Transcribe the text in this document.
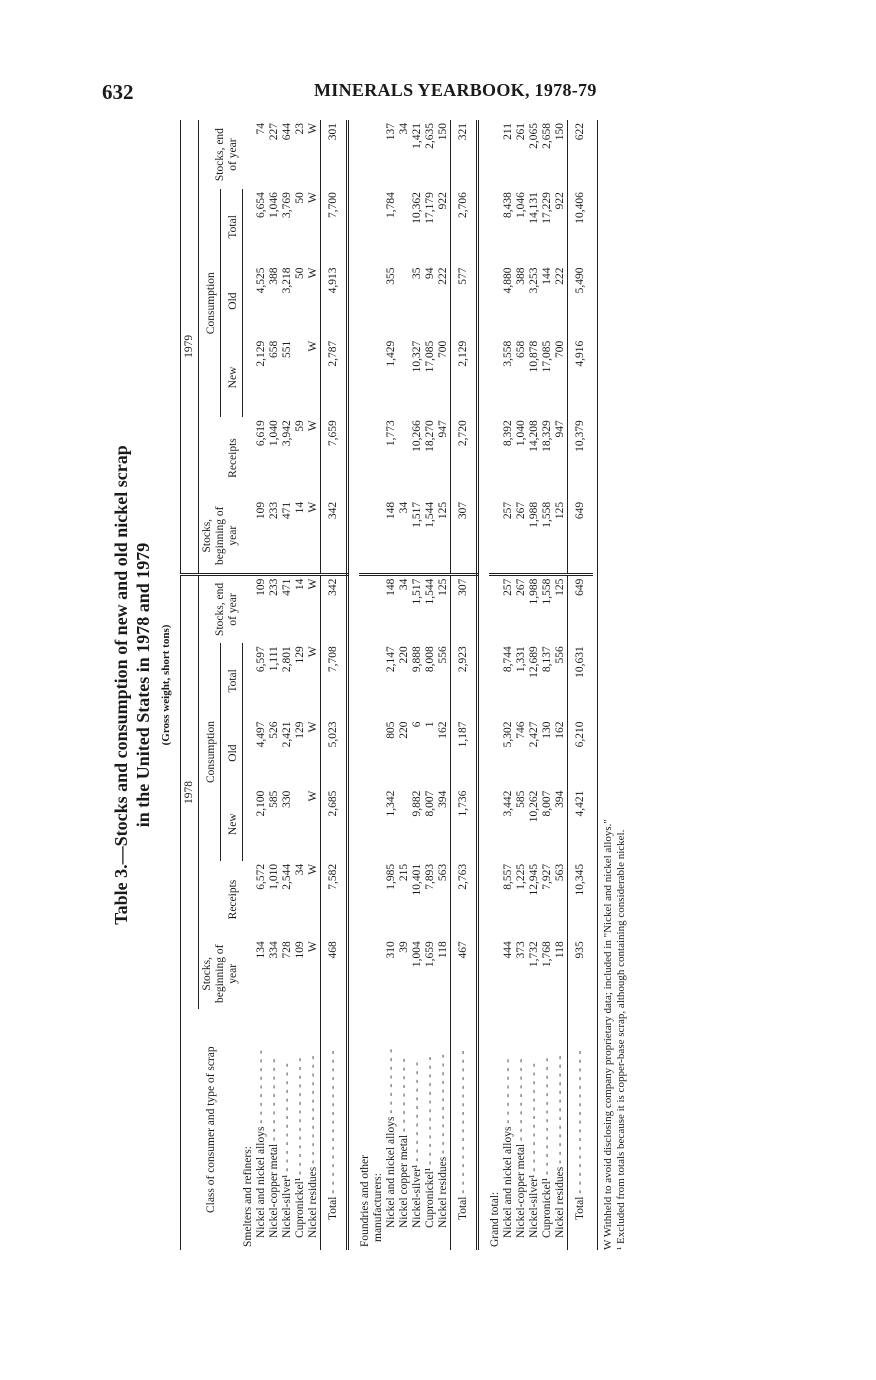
632	MINERALS YEARBOOK, 1978-79
Table 3.—Stocks and consumption of new and old nickel scrap in the United States in 1978 and 1979 (Gross weight, short tons)
Class of consumer and type of scrap	1978						1979					
	Stocks, beginning of year	Receipts	Consumption			Stocks, end of year	Stocks, beginning of year	Receipts	Consumption			Stocks, end of year
			New	Old	Total				New	Old	Total	
Smelters and refiners:												
Nickel and nickel alloys - - - - - - - - -	134	6,572	2,100	4,497	6,597	109	109	6,619	2,129	4,525	6,654	74
Nickel-copper metal - - - - - - - - - -	334	1,010	585	526	1,111	233	233	1,040	658	388	1,046	227
Nickel-silver¹ - - - - - - - - - - - - -	728	2,544	330	2,421	2,801	471	471	3,942	551	3,218	3,769	644
Cupronickel¹ - - - - - - - - - - - - - -	109	34		129	129	14	14	59		50	50	23
Nickel residues - - - - - - - - - - - - -	W	W	W	W	W	W	W	W	W	W	W	W
Total - - - - - - - - - - - - - - - - -	468	7,582	2,685	5,023	7,708	342	342	7,659	2,787	4,913	7,700	301

Foundries and other												
manufacturers:												
Nickel and nickel alloys - - - - - - - -	310	1,985	1,342	805	2,147	148	148	1,773	1,429	355	1,784	137
Nickel copper metal - - - - - - - - -	39	215		220	220	34	34					34
Nickel-silver¹ - - - - - - - - - - - -	1,004	10,401	9,882	6	9,888	1,517	1,517	10,266	10,327	35	10,362	1,421
Cupronickel¹ - - - - - - - - - - - - -	1,659	7,893	8,007	1	8,008	1,544	1,544	18,270	17,085	94	17,179	2,635
Nickel residues - - - - - - - - - - - -	118	563	394	162	556	125	125	947	700	222	922	150
Total - - - - - - - - - - - - - - - - -	467	2,763	1,736	1,187	2,923	307	307	2,720	2,129	577	2,706	321

Grand total:												
Nickel and nickel alloys - - - - - - - -	444	8,557	3,442	5,302	8,744	257	257	8,392	3,558	4,880	8,438	211
Nickel-copper metal - - - - - - - - - -	373	1,225	585	746	1,331	267	267	1,040	658	388	1,046	261
Nickel-silver¹ - - - - - - - - - - - - -	1,732	12,945	10,262	2,427	12,689	1,988	1,988	14,208	10,878	3,253	14,131	2,065
Cupronickel¹ - - - - - - - - - - - - - -	1,768	7,927	8,007	130	8,137	1,558	1,558	18,329	17,085	144	17,229	2,658
Nickel residues - - - - - - - - - - - - -	118	563	394	162	556	125	125	947	700	222	922	150
Total - - - - - - - - - - - - - - - - -	935	10,345	4,421	6,210	10,631	649	649	10,379	4,916	5,490	10,406	622

W Withheld to avoid disclosing company proprietary data; included in "Nickel and nickel alloys." ¹ Excluded from totals because it is copper-base scrap, although containing considerable nickel.
